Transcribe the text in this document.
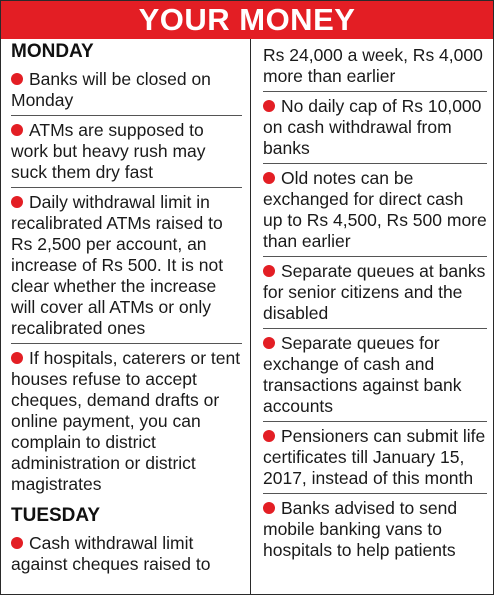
YOUR MONEY
MONDAY
Banks will be closed on Monday
ATMs are supposed to work but heavy rush may suck them dry fast
Daily withdrawal limit in recalibrated ATMs raised to Rs 2,500 per account, an increase of Rs 500. It is not clear whether the increase will cover all ATMs or only recalibrated ones
If hospitals, caterers or tent houses refuse to accept cheques, demand drafts or online payment, you can complain to district administration or district magistrates
TUESDAY
Cash withdrawal limit against cheques raised to
Rs 24,000 a week, Rs 4,000 more than earlier
No daily cap of Rs 10,000 on cash withdrawal from banks
Old notes can be exchanged for direct cash up to Rs 4,500, Rs 500 more than earlier
Separate queues at banks for senior citizens and the disabled
Separate queues for exchange of cash and transactions against bank accounts
Pensioners can submit life certificates till January 15, 2017, instead of this month
Banks advised to send mobile banking vans to hospitals to help patients
